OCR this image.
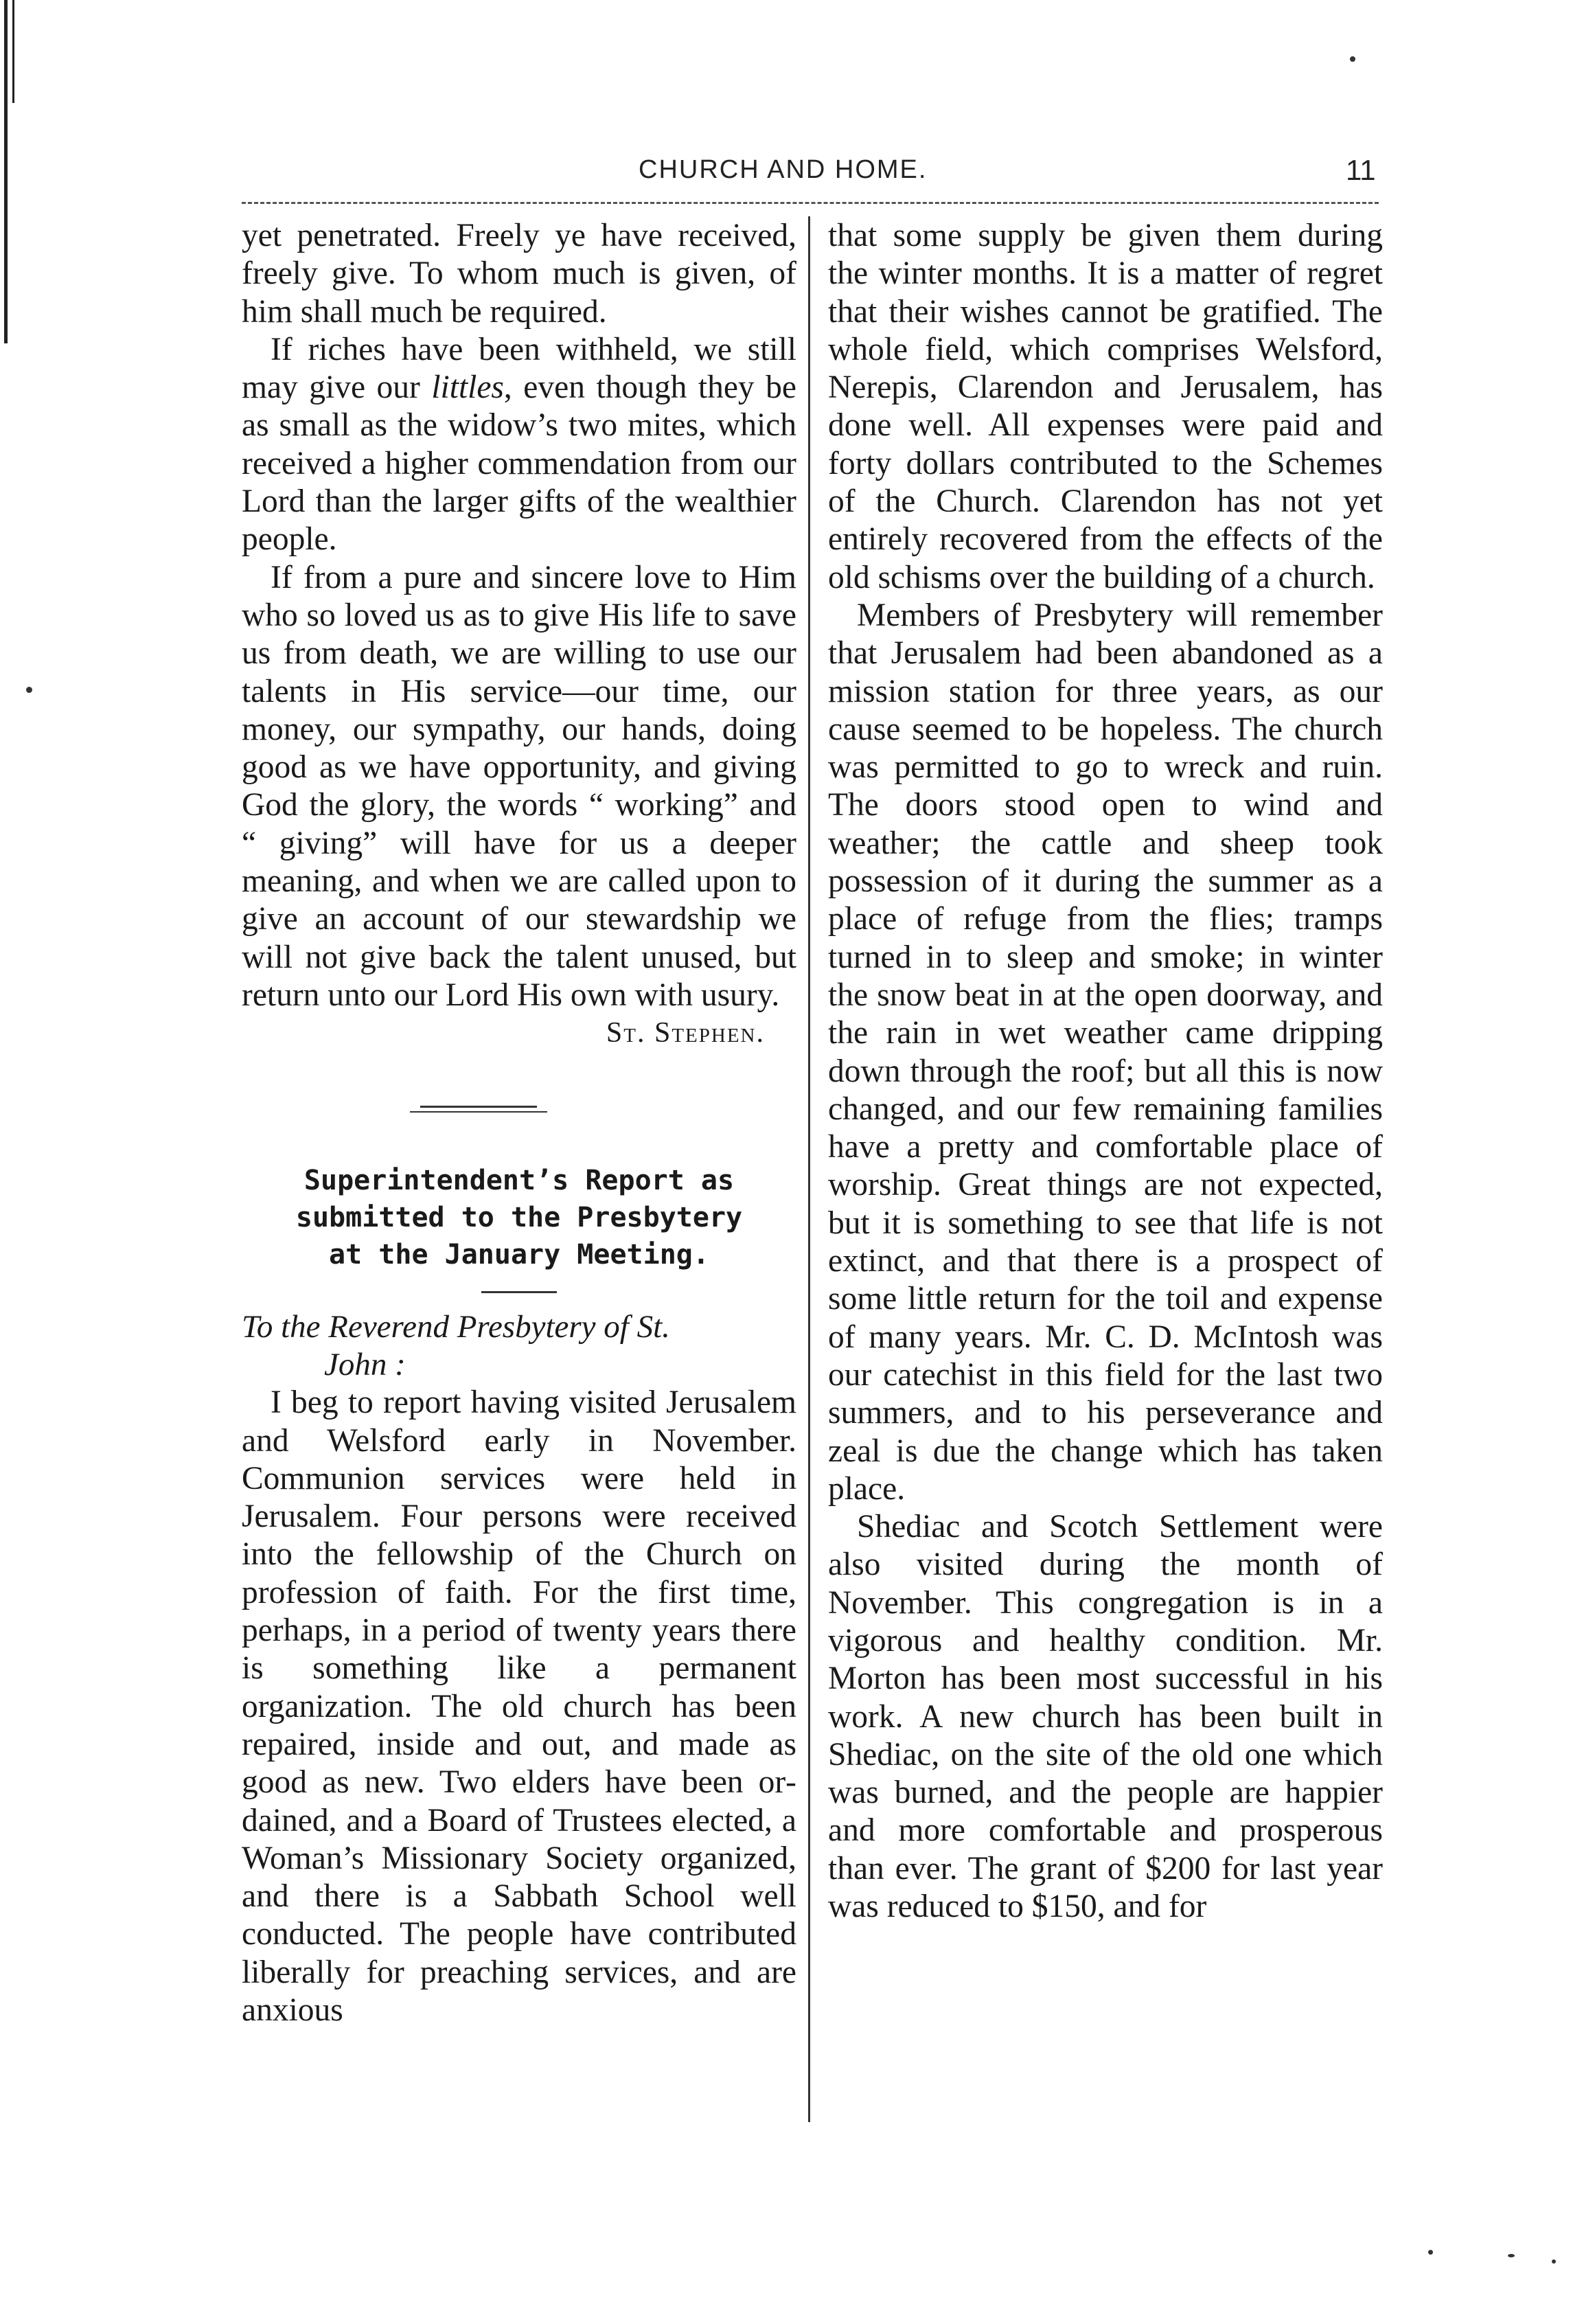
CHURCH AND HOME.	11

yet penetrated. Freely ye have received, freely give. To whom much is given, of him shall much be required.

If riches have been withheld, we still may give our littles, even though they be as small as the widow’s two mites, which received a higher commendation from our Lord than the larger gifts of the wealthier people.

If from a pure and sincere love to Him who so loved us as to give His life to save us from death, we are willing to use our talents in His service—our time, our money, our sympathy, our hands, doing good as we have opportunity, and giving God the glory, the words “ working” and “ giving” will have for us a deeper meaning, and when we are called upon to give an account of our stewardship we will not give back the talent unused, but return unto our Lord His own with usury.

St. Stephen.

Superintendent’s Report as
submitted to the Presbytery
at the January Meeting.

To the Reverend Presbytery of St.
John :

I beg to report having visited Jerusalem and Welsford early in November. Communion services were held in Jerusalem. Four persons were received into the fellowship of the Church on profession of faith. For the first time, perhaps, in a period of twenty years there is something like a permanent organization. The old church has been repaired, inside and out, and made as good as new. Two elders have been ordained, and a Board of Trustees elected, a Woman’s Missionary Society organized, and there is a Sabbath School well conducted. The people have contributed liberally for preaching services, and are anxious

that some supply be given them during the winter months. It is a matter of regret that their wishes cannot be gratified. The whole field, which comprises Welsford, Nerepis, Clarendon and Jerusalem, has done well. All expenses were paid and forty dollars contributed to the Schemes of the Church. Clarendon has not yet entirely recovered from the effects of the old schisms over the building of a church.

Members of Presbytery will remember that Jerusalem had been abandoned as a mission station for three years, as our cause seemed to be hopeless. The church was permitted to go to wreck and ruin. The doors stood open to wind and weather; the cattle and sheep took possession of it during the summer as a place of refuge from the flies; tramps turned in to sleep and smoke; in winter the snow beat in at the open doorway, and the rain in wet weather came dripping down through the roof; but all this is now changed, and our few remaining families have a pretty and comfortable place of worship. Great things are not expected, but it is something to see that life is not extinct, and that there is a prospect of some little return for the toil and expense of many years. Mr. C. D. McIntosh was our catechist in this field for the last two summers, and to his perseverance and zeal is due the change which has taken place.

Shediac and Scotch Settlement were also visited during the month of November. This congregation is in a vigorous and healthy condition. Mr. Morton has been most successful in his work. A new church has been built in Shediac, on the site of the old one which was burned, and the people are happier and more comfortable and prosperous than ever. The grant of $200 for last year was reduced to $150, and for
